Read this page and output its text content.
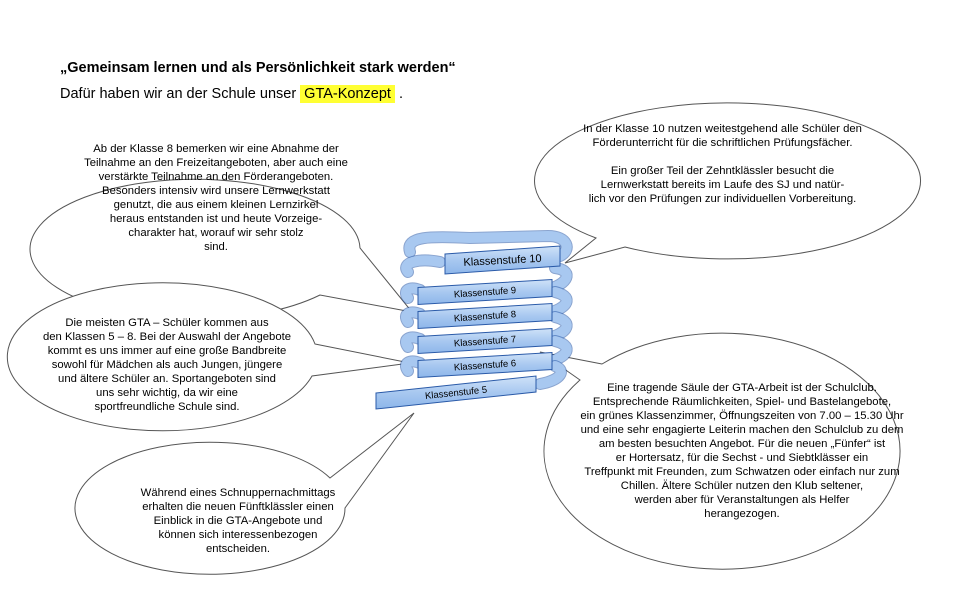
„Gemeinsam lernen und als Persönlichkeit stark werden“
Dafür haben wir an der Schule unser GTA-Konzept .
Klassenstufe 10
Klassenstufe 9
Klassenstufe 8
Klassenstufe 7
Klassenstufe 6
Klassenstufe 5
Ab der Klasse 8 bemerken wir eine Abnahme der
Teilnahme an den Freizeitangeboten, aber auch eine
verstärkte Teilnahme an den Förderangeboten.
Besonders intensiv wird unsere Lernwerkstatt
genutzt, die aus einem kleinen Lernzirkel
heraus entstanden ist und heute Vorzeige-
charakter hat, worauf wir sehr stolz
sind.
Die meisten GTA – Schüler kommen aus
den Klassen 5 – 8. Bei der Auswahl der Angebote
kommt es uns immer auf eine große Bandbreite
sowohl für Mädchen als auch Jungen, jüngere
und ältere Schüler an. Sportangeboten sind
uns sehr wichtig, da wir eine
sportfreundliche Schule sind.
Während eines Schnuppernachmittags
erhalten die neuen Fünftklässler einen
Einblick in die GTA-Angebote und
können sich interessenbezogen
entscheiden.
In der Klasse 10 nutzen weitestgehend alle Schüler den
Förderunterricht für die schriftlichen Prüfungsfächer.

Ein großer Teil der Zehntklässler besucht die
Lernwerkstatt bereits im Laufe des SJ und natür-
lich vor den Prüfungen zur individuellen Vorbereitung.
Eine tragende Säule der GTA-Arbeit ist der Schulclub.
Entsprechende Räumlichkeiten, Spiel- und Bastelangebote,
ein grünes Klassenzimmer, Öffnungszeiten von 7.00 – 15.30 Uhr
und eine sehr engagierte Leiterin machen den Schulclub zu dem
am besten besuchten Angebot. Für die neuen „Fünfer“ ist
er Hortersatz, für die Sechst - und Siebtklässer ein
Treffpunkt mit Freunden, zum Schwatzen oder einfach nur zum
Chillen. Ältere Schüler nutzen den Klub seltener,
werden aber für Veranstaltungen als Helfer
herangezogen.
